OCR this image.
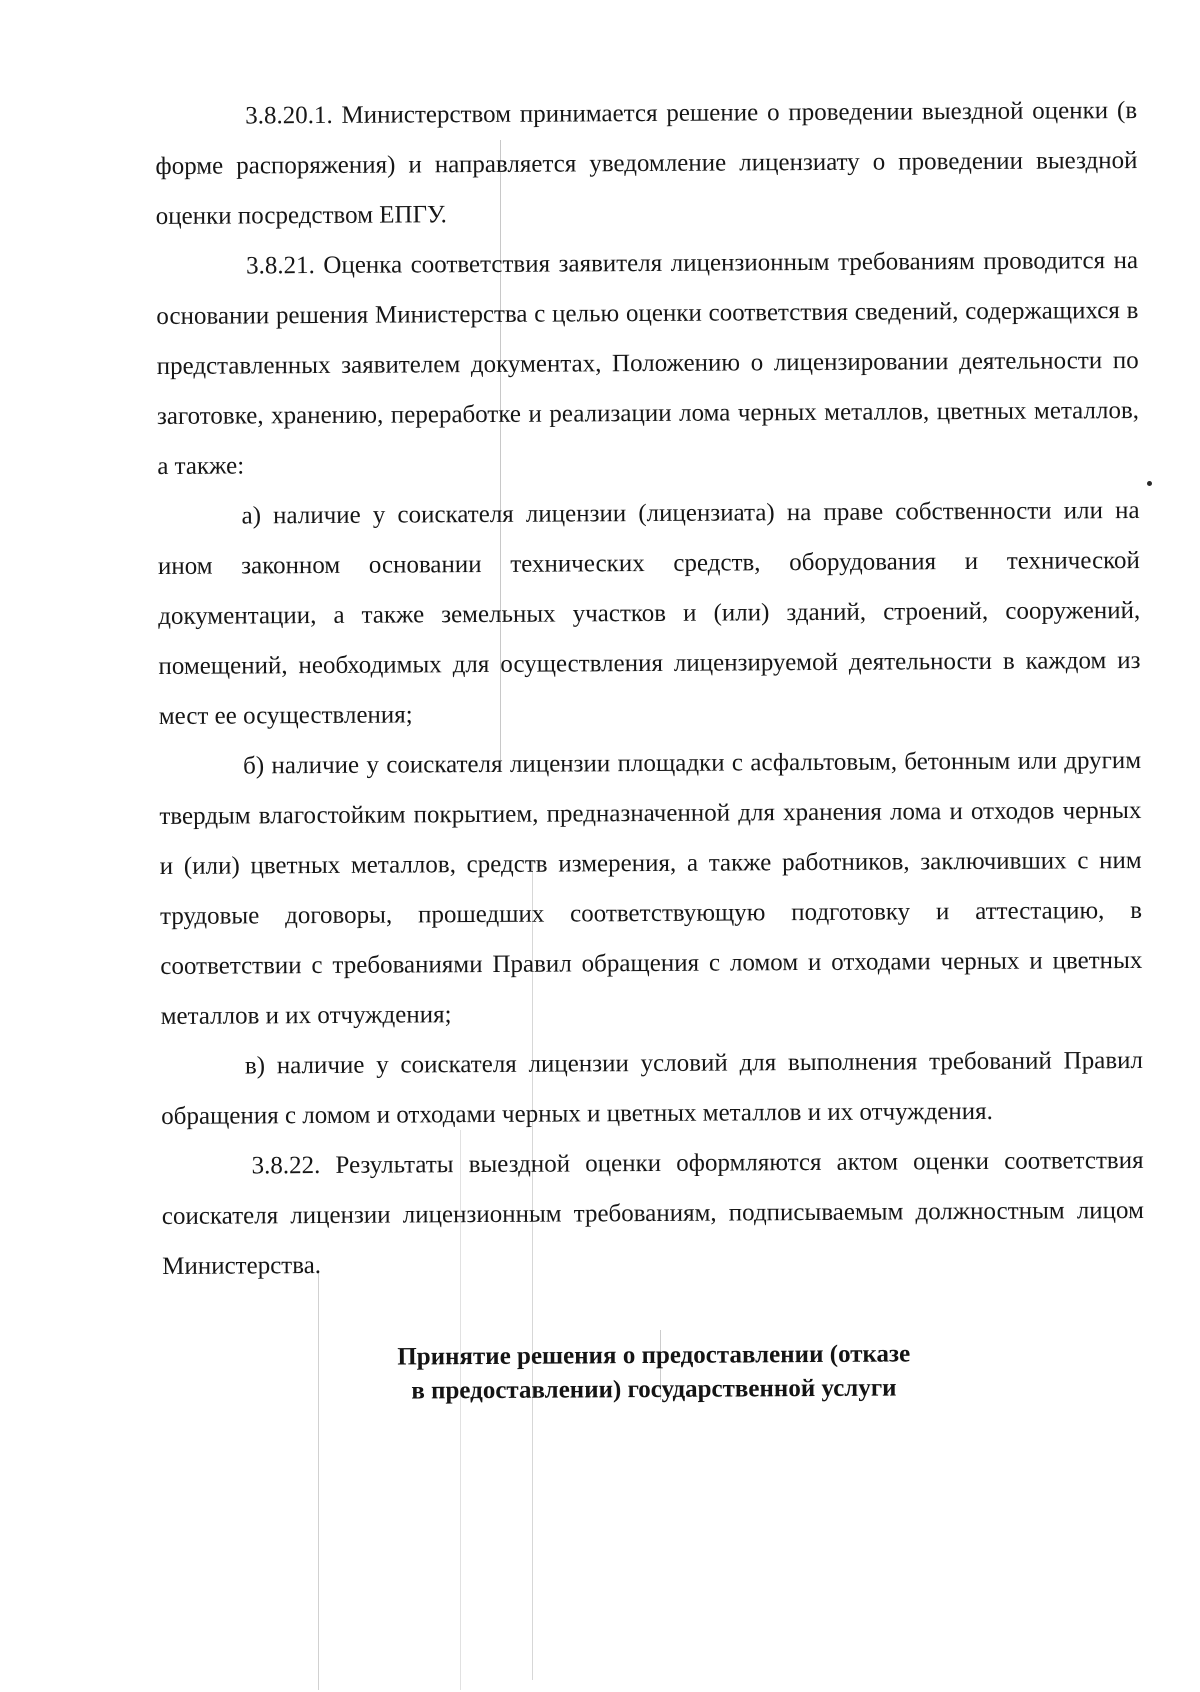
3.8.20.1. Министерством принимается решение о проведении выездной оценки (в форме распоряжения) и направляется уведомление лицензиату о проведении выездной оценки посредством ЕПГУ.

3.8.21. Оценка соответствия заявителя лицензионным требованиям проводится на основании решения Министерства с целью оценки соответствия сведений, содержащихся в представленных заявителем документах, Положению о лицензировании деятельности по заготовке, хранению, переработке и реализации лома черных металлов, цветных металлов, а также:

а) наличие у соискателя лицензии (лицензиата) на праве собственности или на ином законном основании технических средств, оборудования и технической документации, а также земельных участков и (или) зданий, строений, сооружений, помещений, необходимых для осуществления лицензируемой деятельности в каждом из мест ее осуществления;

б) наличие у соискателя лицензии площадки с асфальтовым, бетонным или другим твердым влагостойким покрытием, предназначенной для хранения лома и отходов черных и (или) цветных металлов, средств измерения, а также работников, заключивших с ним трудовые договоры, прошедших соответствующую подготовку и аттестацию, в соответствии с требованиями Правил обращения с ломом и отходами черных и цветных металлов и их отчуждения;

в) наличие у соискателя лицензии условий для выполнения требований Правил обращения с ломом и отходами черных и цветных металлов и их отчуждения.

3.8.22. Результаты выездной оценки оформляются актом оценки соответствия соискателя лицензии лицензионным требованиям, подписываемым должностным лицом Министерства.

Принятие решения о предоставлении (отказе
в предоставлении) государственной услуги
